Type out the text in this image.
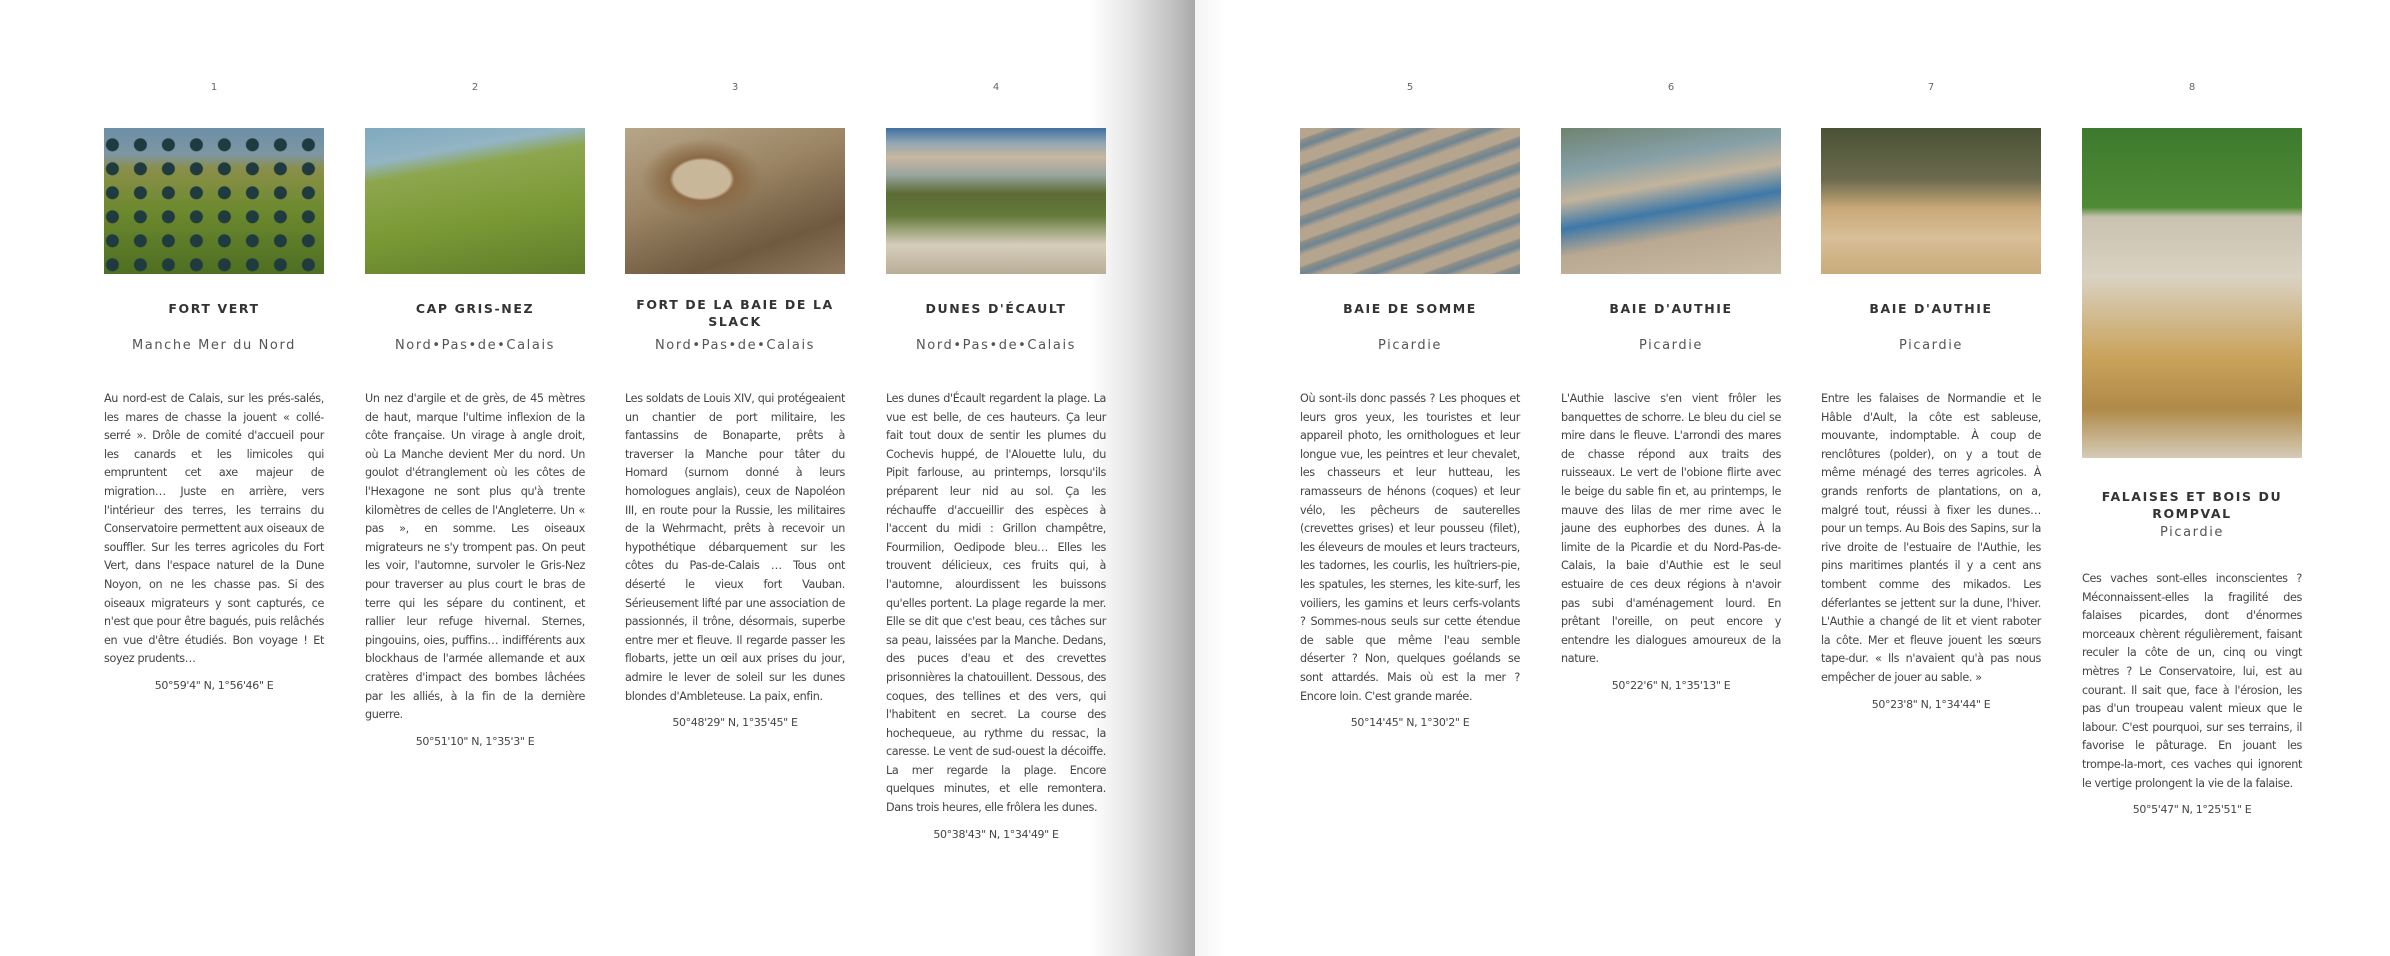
1
FORT VERT
Manche Mer du Nord
Au nord-est de Calais, sur les prés-salés, les mares de chasse la jouent « collé-serré ». Drôle de comité d'accueil pour les canards et les limicoles qui empruntent cet axe majeur de migration… Juste en arrière, vers l'intérieur des terres, les terrains du Conservatoire permettent aux oiseaux de souffler. Sur les terres agricoles du Fort Vert, dans l'espace naturel de la Dune Noyon, on ne les chasse pas. Si des oiseaux migrateurs y sont capturés, ce n'est que pour être bagués, puis relâchés en vue d'être étudiés. Bon voyage ! Et soyez prudents…
50°59'4" N, 1°56'46" E
2
CAP GRIS-NEZ
Nord•Pas•de•Calais
Un nez d'argile et de grès, de 45 mètres de haut, marque l'ultime inflexion de la côte française. Un virage à angle droit, où La Manche devient Mer du nord. Un goulot d'étranglement où les côtes de l'Hexagone ne sont plus qu'à trente kilomètres de celles de l'Angleterre. Un « pas », en somme. Les oiseaux migrateurs ne s'y trompent pas. On peut les voir, l'automne, survoler le Gris-Nez pour traverser au plus court le bras de terre qui les sépare du continent, et rallier leur refuge hivernal. Sternes, pingouins, oies, puffins… indifférents aux blockhaus de l'armée allemande et aux cratères d'impact des bombes lâchées par les alliés, à la fin de la dernière guerre.
50°51'10" N, 1°35'3" E
3
FORT DE LA BAIE DE LA SLACK
Nord•Pas•de•Calais
Les soldats de Louis XIV, qui protégeaient un chantier de port militaire, les fantassins de Bonaparte, prêts à traverser la Manche pour tâter du Homard (surnom donné à leurs homologues anglais), ceux de Napoléon III, en route pour la Russie, les militaires de la Wehrmacht, prêts à recevoir un hypothétique débarquement sur les côtes du Pas-de-Calais … Tous ont déserté le vieux fort Vauban. Sérieusement lifté par une association de passionnés, il trône, désormais, superbe entre mer et fleuve. Il regarde passer les flobarts, jette un œil aux prises du jour, admire le lever de soleil sur les dunes blondes d'Ambleteuse. La paix, enfin.
50°48'29" N, 1°35'45" E
4
DUNES D'ÉCAULT
Nord•Pas•de•Calais
Les dunes d'Écault regardent la plage. La vue est belle, de ces hauteurs. Ça leur fait tout doux de sentir les plumes du Cochevis huppé, de l'Alouette lulu, du Pipit farlouse, au printemps, lorsqu'ils préparent leur nid au sol. Ça les réchauffe d'accueillir des espèces à l'accent du midi : Grillon champêtre, Fourmilion, Oedipode bleu… Elles les trouvent délicieux, ces fruits qui, à l'automne, alourdissent les buissons qu'elles portent. La plage regarde la mer. Elle se dit que c'est beau, ces tâches sur sa peau, laissées par la Manche. Dedans, des puces d'eau et des crevettes prisonnières la chatouillent. Dessous, des coques, des tellines et des vers, qui l'habitent en secret. La course des hochequeue, au rythme du ressac, la caresse. Le vent de sud-ouest la décoiffe. La mer regarde la plage. Encore quelques minutes, et elle remontera. Dans trois heures, elle frôlera les dunes.
50°38'43" N, 1°34'49" E
5
BAIE DE SOMME
Picardie
Où sont-ils donc passés ? Les phoques et leurs gros yeux, les touristes et leur appareil photo, les ornithologues et leur longue vue, les peintres et leur chevalet, les chasseurs et leur hutteau, les ramasseurs de hénons (coques) et leur vélo, les pêcheurs de sauterelles (crevettes grises) et leur pousseu (filet), les éleveurs de moules et leurs tracteurs, les tadornes, les courlis, les huîtriers-pie, les spatules, les sternes, les kite-surf, les voiliers, les gamins et leurs cerfs-volants ? Sommes-nous seuls sur cette étendue de sable que même l'eau semble déserter ? Non, quelques goélands se sont attardés. Mais où est la mer ? Encore loin. C'est grande marée.
50°14'45" N, 1°30'2" E
6
BAIE D'AUTHIE
Picardie
L'Authie lascive s'en vient frôler les banquettes de schorre. Le bleu du ciel se mire dans le fleuve. L'arrondi des mares de chasse répond aux traits des ruisseaux. Le vert de l'obione flirte avec le beige du sable fin et, au printemps, le mauve des lilas de mer rime avec le jaune des euphorbes des dunes. À la limite de la Picardie et du Nord-Pas-de-Calais, la baie d'Authie est le seul estuaire de ces deux régions à n'avoir pas subi d'aménagement lourd. En prêtant l'oreille, on peut encore y entendre les dialogues amoureux de la nature.
50°22'6" N, 1°35'13" E
7
BAIE D'AUTHIE
Picardie
Entre les falaises de Normandie et le Hâble d'Ault, la côte est sableuse, mouvante, indomptable. À coup de renclôtures (polder), on y a tout de même ménagé des terres agricoles. À grands renforts de plantations, on a, malgré tout, réussi à fixer les dunes… pour un temps. Au Bois des Sapins, sur la rive droite de l'estuaire de l'Authie, les pins maritimes plantés il y a cent ans tombent comme des mikados. Les déferlantes se jettent sur la dune, l'hiver. L'Authie a changé de lit et vient raboter la côte. Mer et fleuve jouent les sœurs tape-dur. « Ils n'avaient qu'à pas nous empêcher de jouer au sable. »
50°23'8" N, 1°34'44" E
8
FALAISES ET BOIS DU ROMPVAL
Picardie
Ces vaches sont-elles inconscientes ? Méconnaissent-elles la fragilité des falaises picardes, dont d'énormes morceaux chèrent régulièrement, faisant reculer la côte de un, cinq ou vingt mètres ? Le Conservatoire, lui, est au courant. Il sait que, face à l'érosion, les pas d'un troupeau valent mieux que le labour. C'est pourquoi, sur ses terrains, il favorise le pâturage. En jouant les trompe-la-mort, ces vaches qui ignorent le vertige prolongent la vie de la falaise.
50°5'47" N, 1°25'51" E
